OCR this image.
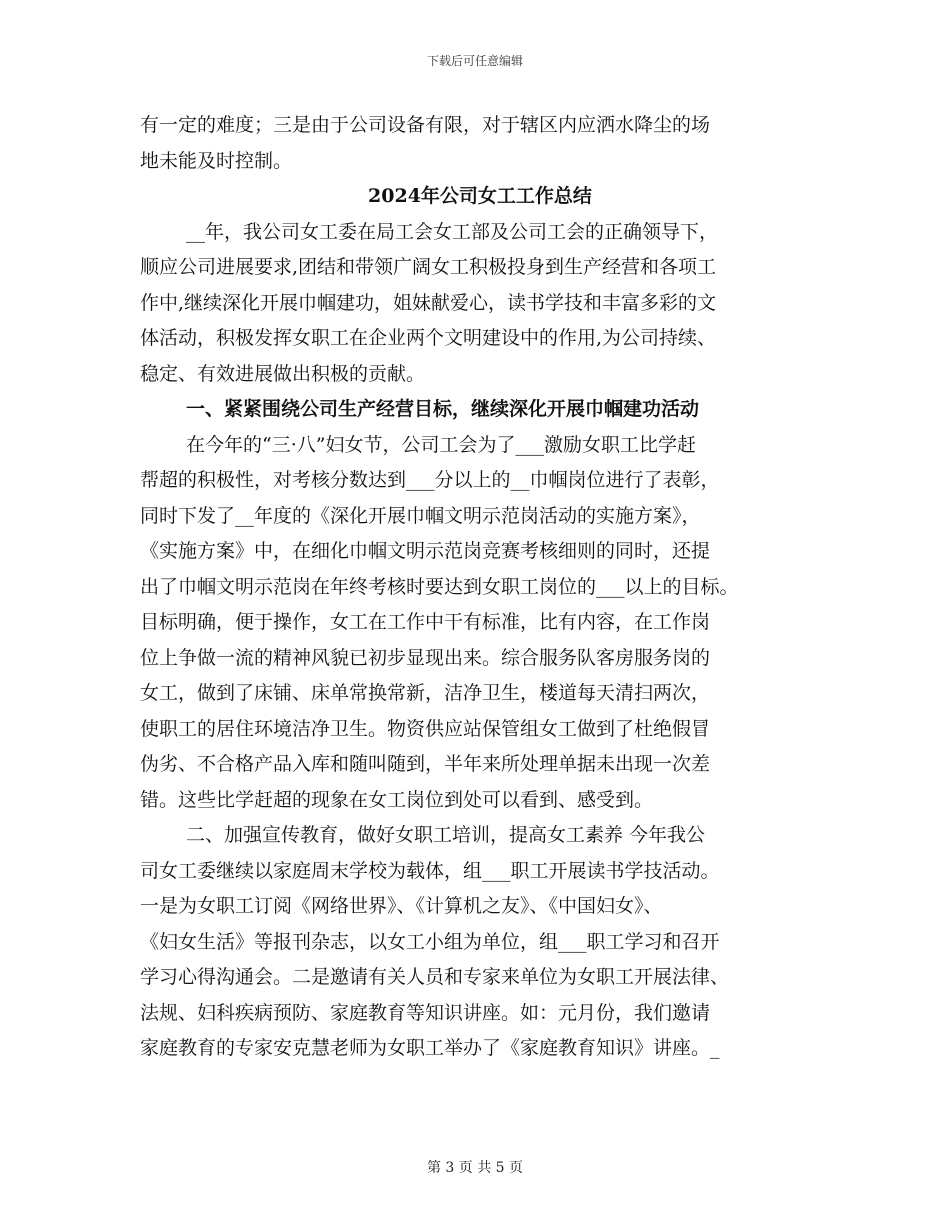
下载后可任意编辑
有一定的难度；三是由于公司设备有限，对于辖区内应洒水降尘的场
地未能及时控制。
2024年公司女工工作总结
__年，我公司女工委在局工会女工部及公司工会的正确领导下，
顺应公司进展要求,团结和带领广阔女工积极投身到生产经营和各项工
作中,继续深化开展巾帼建功，姐妹献爱心，读书学技和丰富多彩的文
体活动，积极发挥女职工在企业两个文明建设中的作用,为公司持续、
稳定、有效进展做出积极的贡献。
一、紧紧围绕公司生产经营目标，继续深化开展巾帼建功活动
在今年的“三·八”妇女节，公司工会为了___激励女职工比学赶
帮超的积极性，对考核分数达到___分以上的__巾帼岗位进行了表彰，
同时下发了__年度的《深化开展巾帼文明示范岗活动的实施方案》，
《实施方案》中，在细化巾帼文明示范岗竞赛考核细则的同时，还提
出了巾帼文明示范岗在年终考核时要达到女职工岗位的___以上的目标。
目标明确，便于操作，女工在工作中干有标准，比有内容，在工作岗
位上争做一流的精神风貌已初步显现出来。综合服务队客房服务岗的
女工，做到了床铺、床单常换常新，洁净卫生，楼道每天清扫两次，
使职工的居住环境洁净卫生。物资供应站保管组女工做到了杜绝假冒
伪劣、不合格产品入库和随叫随到，半年来所处理单据未出现一次差
错。这些比学赶超的现象在女工岗位到处可以看到、感受到。
二、加强宣传教育，做好女职工培训，提高女工素养 今年我公
司女工委继续以家庭周末学校为载体，组___职工开展读书学技活动。
一是为女职工订阅《网络世界》、《计算机之友》、《中国妇女》、
《妇女生活》等报刊杂志，以女工小组为单位，组___职工学习和召开
学习心得沟通会。二是邀请有关人员和专家来单位为女职工开展法律、
法规、妇科疾病预防、家庭教育等知识讲座。如：元月份，我们邀请
家庭教育的专家安克慧老师为女职工举办了《家庭教育知识》讲座。_
第 3 页 共 5 页
